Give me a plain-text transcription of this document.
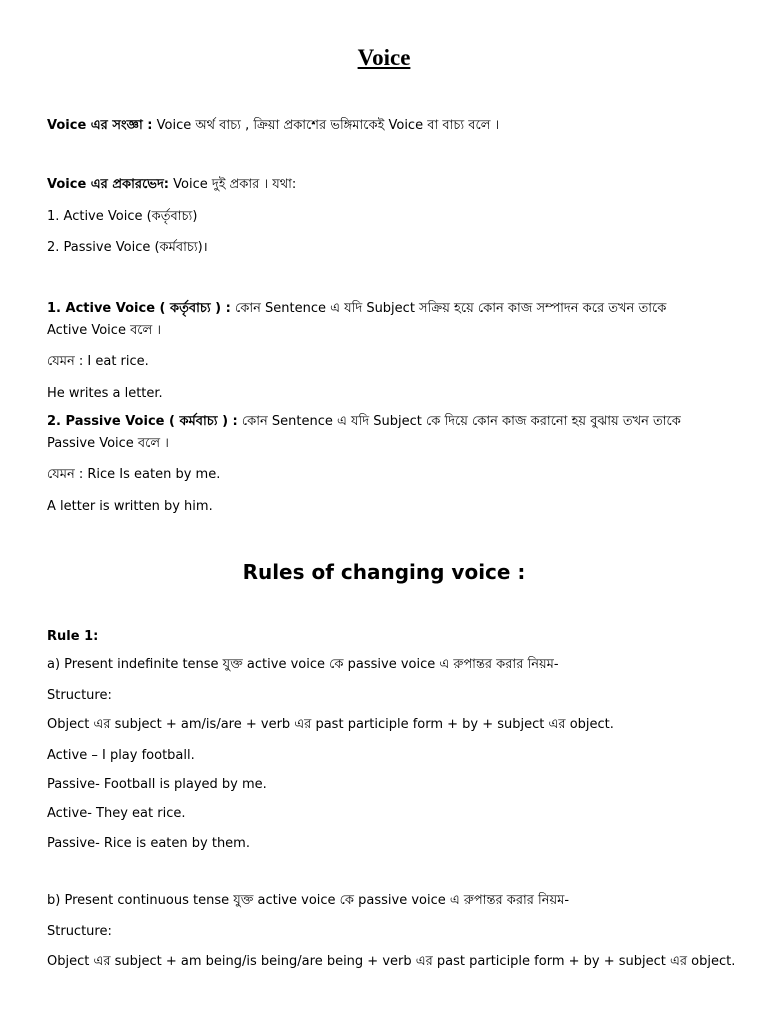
Voice
Voice এর সংজ্ঞা : Voice অর্থ বাচ্য , ক্রিয়া প্রকাশের ভঙ্গিমাকেই Voice বা বাচ্য বলে ।
Voice এর প্রকারভেদ: Voice দুই প্রকার । যথা:
1. Active Voice (কর্তৃবাচ্য)
2. Passive Voice (কর্মবাচ্য)।
1. Active Voice ( কর্তৃবাচ্য ) : কোন Sentence এ যদি Subject সক্রিয় হয়ে কোন কাজ সম্পাদন করে তখন তাকে
Active Voice বলে ।
যেমন : I eat rice.
He writes a letter.
2. Passive Voice ( কর্মবাচ্য ) : কোন Sentence এ যদি Subject কে দিয়ে কোন কাজ করানো হয় বুঝায় তখন তাকে
Passive Voice বলে ।
যেমন : Rice Is eaten by me.
A letter is written by him.
Rules of changing voice :
Rule 1:
a) Present indefinite tense যুক্ত active voice কে passive voice এ রুপান্তর করার নিয়ম-
Structure:
Object এর subject + am/is/are + verb এর past participle form + by + subject এর object.
Active – I play football.
Passive- Football is played by me.
Active- They eat rice.
Passive- Rice is eaten by them.
b) Present continuous tense যুক্ত active voice কে passive voice এ রুপান্তর করার নিয়ম-
Structure:
Object এর subject + am being/is being/are being + verb এর past participle form + by + subject এর object.
